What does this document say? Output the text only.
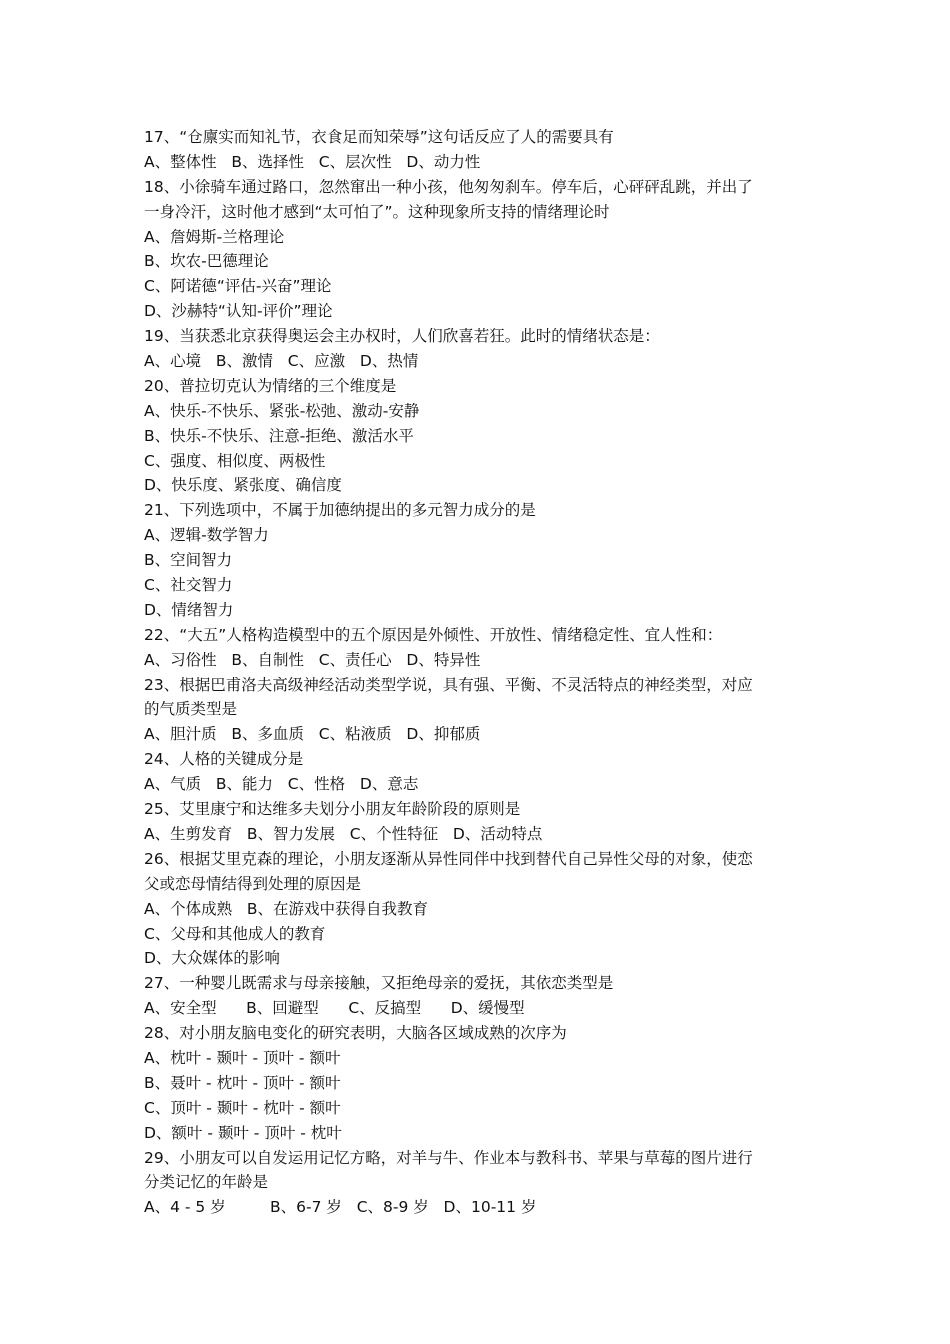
17、“仓廪实而知礼节，衣食足而知荣辱”这句话反应了人的需要具有
A、整体性   B、选择性   C、层次性   D、动力性
18、小徐骑车通过路口，忽然窜出一种小孩，他匆匆刹车。停车后，心砰砰乱跳，并出了
一身冷汗，这时他才感到“太可怕了”。这种现象所支持的情绪理论时
A、詹姆斯-兰格理论
B、坎农-巴德理论
C、阿诺德“评估-兴奋”理论
D、沙赫特“认知-评价”理论
19、当获悉北京获得奥运会主办权时，人们欣喜若狂。此时的情绪状态是：
A、心境   B、激情   C、应激   D、热情
20、普拉切克认为情绪的三个维度是
A、快乐-不快乐、紧张-松弛、激动-安静
B、快乐-不快乐、注意-拒绝、激活水平
C、强度、相似度、两极性
D、快乐度、紧张度、确信度
21、下列选项中，不属于加德纳提出的多元智力成分的是
A、逻辑-数学智力
B、空间智力
C、社交智力
D、情绪智力
22、“大五”人格构造模型中的五个原因是外倾性、开放性、情绪稳定性、宜人性和：
A、习俗性   B、自制性   C、责任心   D、特异性
23、根据巴甫洛夫高级神经活动类型学说，具有强、平衡、不灵活特点的神经类型，对应
的气质类型是
A、胆汁质   B、多血质   C、粘液质   D、抑郁质
24、人格的关键成分是
A、气质   B、能力   C、性格   D、意志
25、艾里康宁和达维多夫划分小朋友年龄阶段的原则是
A、生剪发育   B、智力发展   C、个性特征   D、活动特点
26、根据艾里克森的理论，小朋友逐渐从异性同伴中找到替代自己异性父母的对象，使恋
父或恋母情结得到处理的原因是
A、个体成熟   B、在游戏中获得自我教育
C、父母和其他成人的教育
D、大众媒体的影响
27、一种婴儿既需求与母亲接触，又拒绝母亲的爱抚，其依恋类型是
A、安全型      B、回避型      C、反搞型      D、缓慢型
28、对小朋友脑电变化的研究表明，大脑各区域成熟的次序为
A、枕叶 - 颞叶 - 顶叶 - 额叶
B、聂叶 - 枕叶 - 顶叶 - 额叶
C、顶叶 - 颞叶 - 枕叶 - 额叶
D、额叶 - 颞叶 - 顶叶 - 枕叶
29、小朋友可以自发运用记忆方略，对羊与牛、作业本与教科书、苹果与草莓的图片进行
分类记忆的年龄是
A、4 - 5 岁         B、6-7 岁   C、8-9 岁   D、10-11 岁
